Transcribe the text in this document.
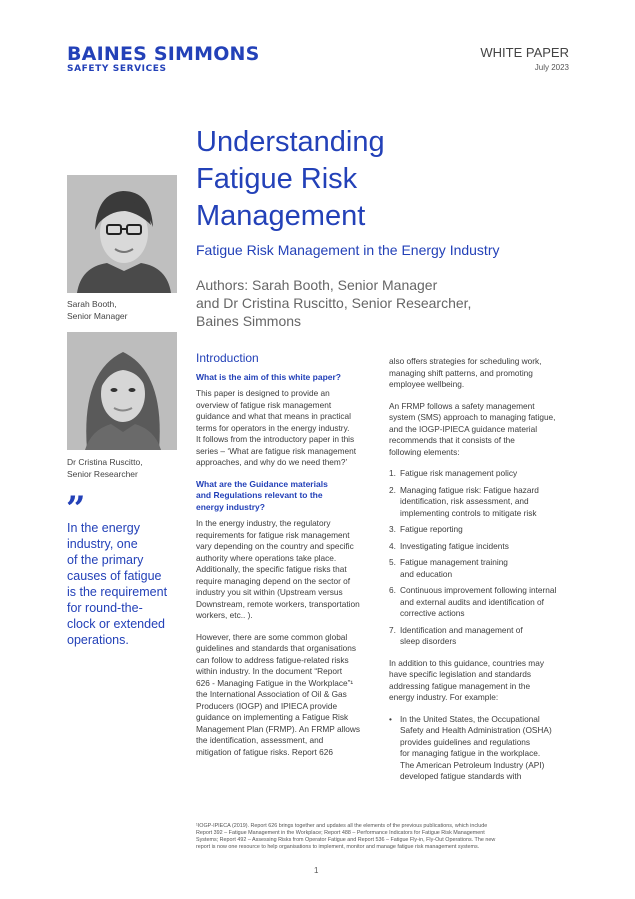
BAINES SIMMONS
SAFETY SERVICES
WHITE PAPER
July 2023
Understanding
Fatigue Risk
Management
Fatigue Risk Management in the Energy Industry
Authors: Sarah Booth, Senior Manager
and Dr Cristina Ruscitto, Senior Researcher,
Baines Simmons
Sarah Booth,
Senior Manager
Dr Cristina Ruscitto,
Senior Researcher
”
In the energy
industry, one
of the primary
causes of fatigue
is the requirement
for round-the-
clock or extended
operations.
Introduction
What is the aim of this white paper?

This paper is designed to provide an
overview of fatigue risk management
guidance and what that means in practical
terms for operators in the energy industry.
It follows from the introductory paper in this
series – ‘What are fatigue risk management
approaches, and why do we need them?’

What are the Guidance materials
and Regulations relevant to the
energy industry?

In the energy industry, the regulatory
requirements for fatigue risk management
vary depending on the country and specific
authority where operations take place.
Additionally, the specific fatigue risks that
require managing depend on the sector of
industry you sit within (Upstream versus
Downstream, remote workers, transportation
workers, etc.. ).

However, there are some common global
guidelines and standards that organisations
can follow to address fatigue-related risks
within industry. In the document “Report
626 - Managing Fatigue in the Workplace”¹
the International Association of Oil & Gas
Producers (IOGP) and IPIECA provide
guidance on implementing a Fatigue Risk
Management Plan (FRMP). An FRMP allows
the identification, assessment, and
mitigation of fatigue risks. Report 626

also offers strategies for scheduling work,
managing shift patterns, and promoting
employee wellbeing.

An FRMP follows a safety management
system (SMS) approach to managing fatigue,
and the IOGP-IPIECA guidance material
recommends that it consists of the
following elements:

1. Fatigue risk management policy
2. Managing fatigue risk: Fatigue hazard
identification, risk assessment, and
implementing controls to mitigate risk
3. Fatigue reporting
4. Investigating fatigue incidents
5. Fatigue management training
and education
6. Continuous improvement following internal
and external audits and identification of
corrective actions
7. Identification and management of
sleep disorders

In addition to this guidance, countries may
have specific legislation and standards
addressing fatigue management in the
energy industry. For example:

• In the United States, the Occupational
Safety and Health Administration (OSHA)
provides guidelines and regulations
for managing fatigue in the workplace.
The American Petroleum Industry (API)
developed fatigue standards with
¹IOGP-IPIECA (2019). Report 626 brings together and updates all the elements of the previous publications, which include
Report 392 – Fatigue Management in the Workplace; Report 488 – Performance Indicators for Fatigue Risk Management
Systems; Report 492 – Assessing Risks from Operator Fatigue and Report 536 – Fatigue Fly-in, Fly-Out Operations. The new
report is now one resource to help organisations to implement, monitor and manage fatigue risk management systems.
1
